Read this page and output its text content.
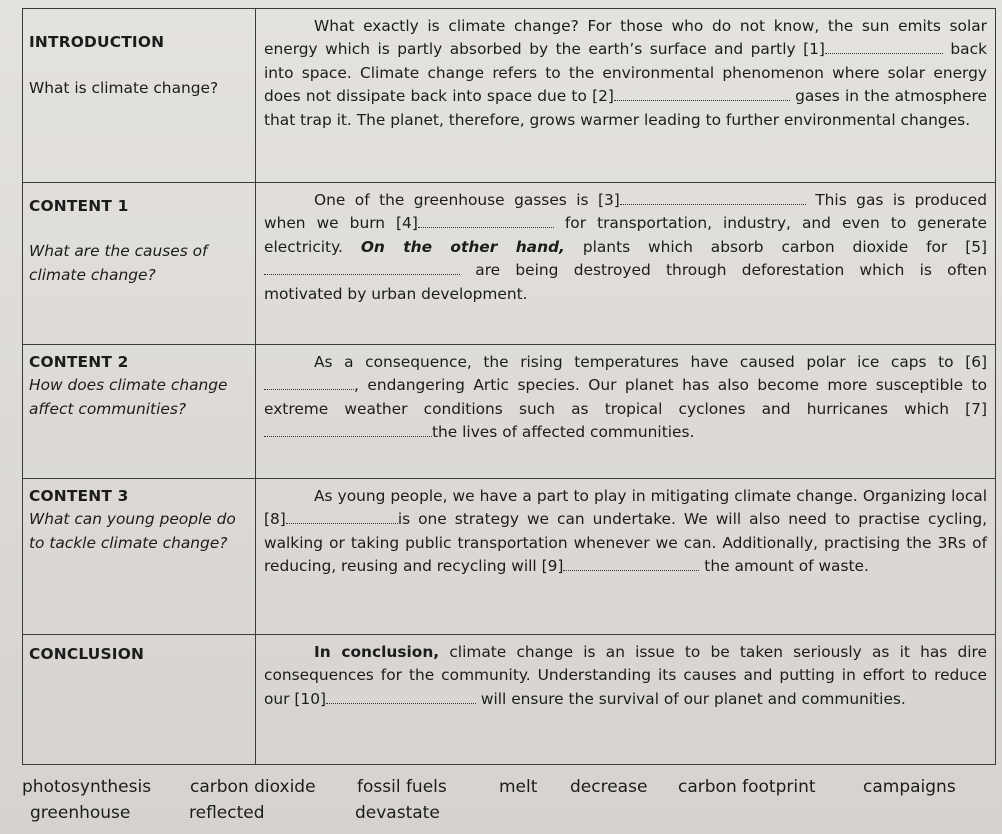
INTRODUCTION
What is climate change?	What exactly is climate change? For those who do not know, the sun emits solar energy which is partly absorbed by the earth’s surface and partly [1] back into space. Climate change refers to the environmental phenomenon where solar energy does not dissipate back into space due to [2] gases in the atmosphere that trap it. The planet, therefore, grows warmer leading to further environmental changes.

CONTENT 1
What are the causes of climate change?	One of the greenhouse gasses is [3] This gas is produced when we burn [4] for transportation, industry, and even to generate electricity. On the other hand, plants which absorb carbon dioxide for [5] are being destroyed through deforestation which is often motivated by urban development.

CONTENT 2
How does climate change affect communities?	As a consequence, the rising temperatures have caused polar ice caps to [6], endangering Artic species. Our planet has also become more susceptible to extreme weather conditions such as tropical cyclones and hurricanes which [7]the lives of affected communities.

CONTENT 3
What can young people do to tackle climate change?	As young people, we have a part to play in mitigating climate change. Organizing local [8] is one strategy we can undertake. We will also need to practise cycling, walking or taking public transportation whenever we can. Additionally, practising the 3Rs of reducing, reusing and recycling will [9] the amount of waste.

CONCLUSION	In conclusion, climate change is an issue to be taken seriously as it has dire consequences for the community. Understanding its causes and putting in effort to reduce our [10] will ensure the survival of our planet and communities.
photosynthesis carbon dioxide fossil fuels	melt decrease carbon footprint	campaigns
greenhouse	reflected	devastate
